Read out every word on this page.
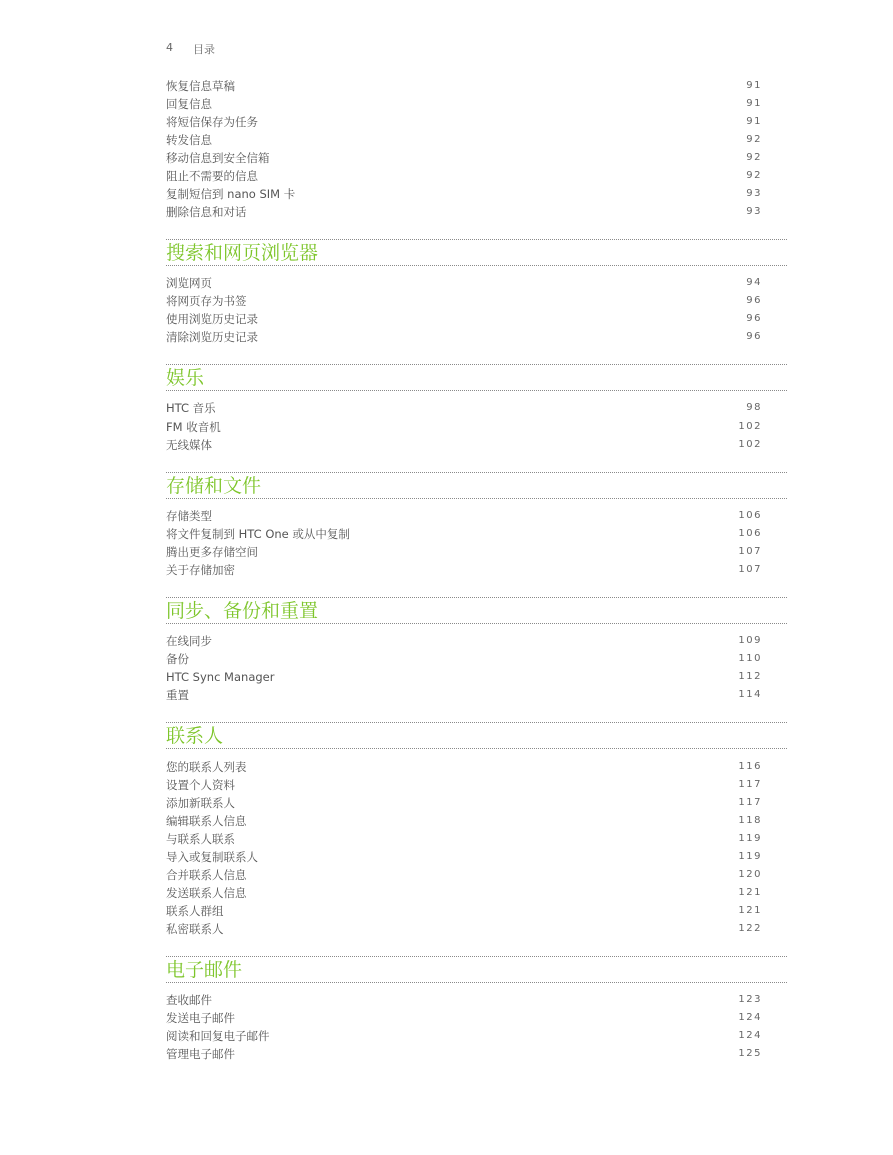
4	目录
恢复信息草稿	91
回复信息	91
将短信保存为任务	91
转发信息	92
移动信息到安全信箱	92
阻止不需要的信息	92
复制短信到 nano SIM 卡	93
删除信息和对话	93
搜索和网页浏览器
浏览网页	94
将网页存为书签	96
使用浏览历史记录	96
清除浏览历史记录	96
娱乐
HTC 音乐	98
FM 收音机	102
无线媒体	102
存储和文件
存储类型	106
将文件复制到 HTC One 或从中复制	106
腾出更多存储空间	107
关于存储加密	107
同步、备份和重置
在线同步	109
备份	110
HTC Sync Manager	112
重置	114
联系人
您的联系人列表	116
设置个人资料	117
添加新联系人	117
编辑联系人信息	118
与联系人联系	119
导入或复制联系人	119
合并联系人信息	120
发送联系人信息	121
联系人群组	121
私密联系人	122
电子邮件
查收邮件	123
发送电子邮件	124
阅读和回复电子邮件	124
管理电子邮件	125
